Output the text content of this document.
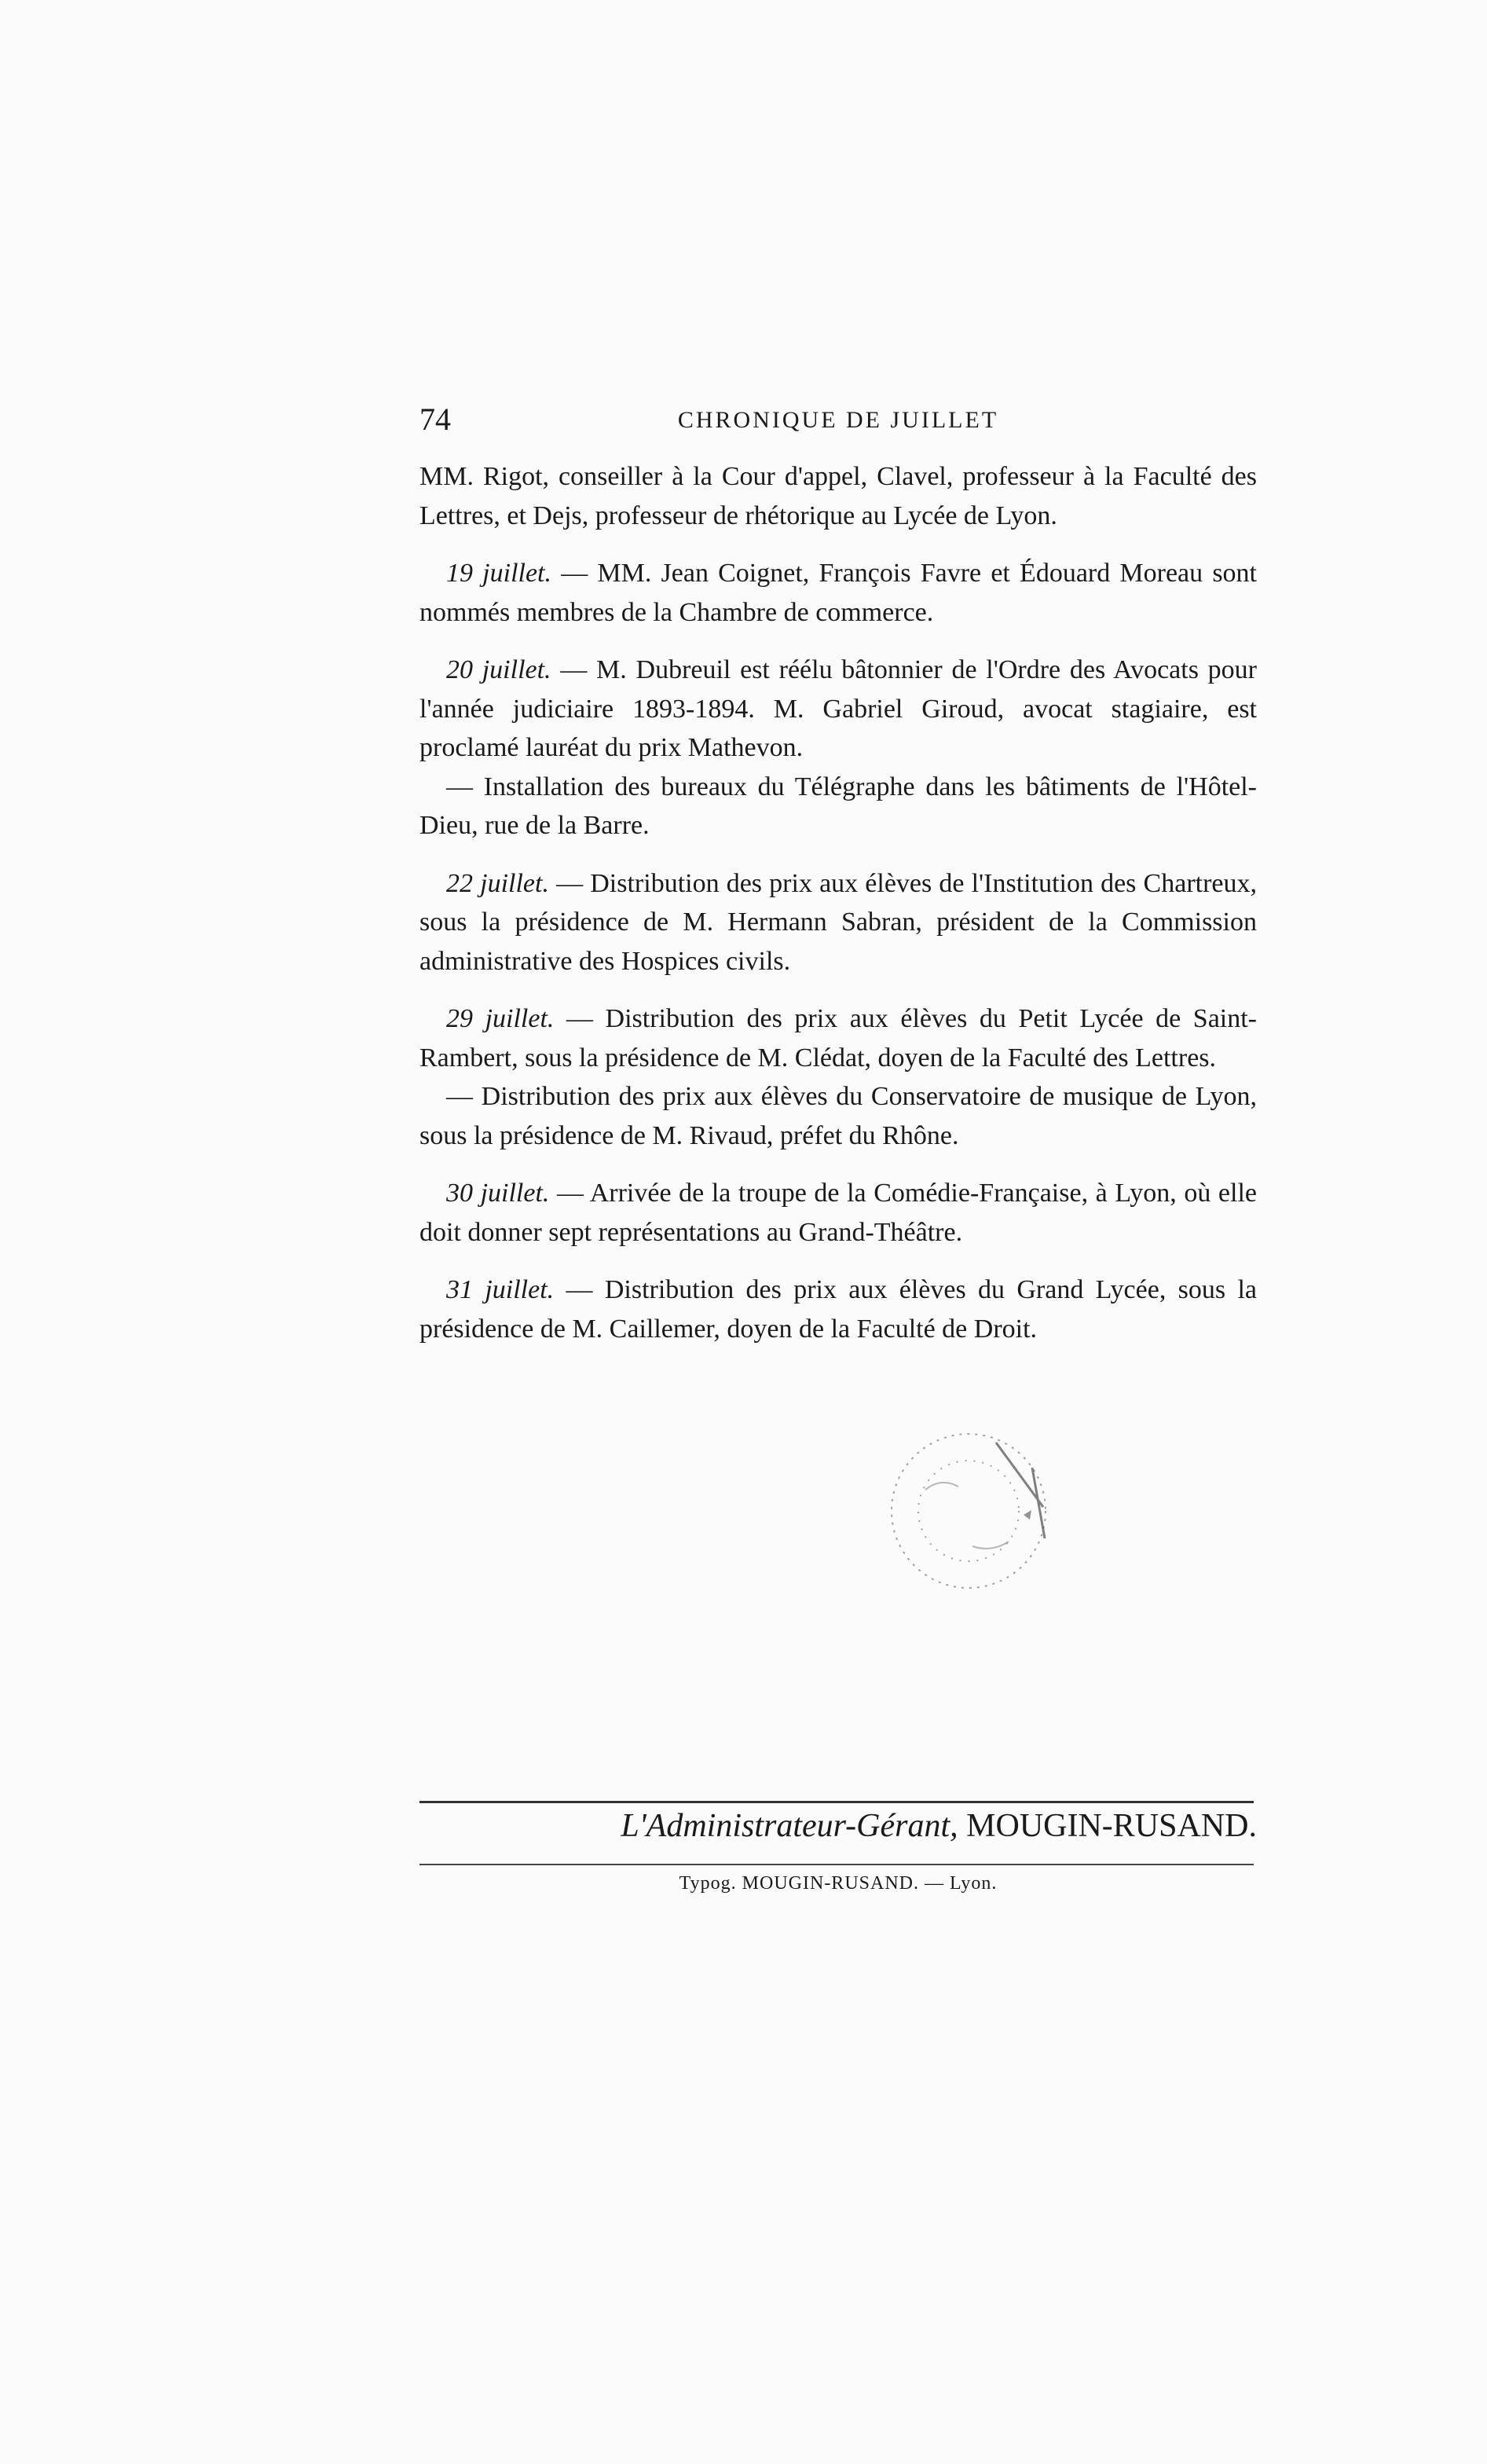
74	CHRONIQUE DE JUILLET

MM. Rigot, conseiller à la Cour d'appel, Clavel, professeur à la Faculté des Lettres, et Dejs, professeur de rhétorique au Lycée de Lyon.

19 juillet. — MM. Jean Coignet, François Favre et Édouard Moreau sont nommés membres de la Chambre de commerce.

20 juillet. — M. Dubreuil est réélu bâtonnier de l'Ordre des Avocats pour l'année judiciaire 1893-1894. M. Gabriel Giroud, avocat stagiaire, est proclamé lauréat du prix Mathevon.

— Installation des bureaux du Télégraphe dans les bâtiments de l'Hôtel-Dieu, rue de la Barre.

22 juillet. — Distribution des prix aux élèves de l'Institution des Chartreux, sous la présidence de M. Hermann Sabran, président de la Commission administrative des Hospices civils.

29 juillet. — Distribution des prix aux élèves du Petit Lycée de Saint-Rambert, sous la présidence de M. Clédat, doyen de la Faculté des Lettres.

— Distribution des prix aux élèves du Conservatoire de musique de Lyon, sous la présidence de M. Rivaud, préfet du Rhône.

30 juillet. — Arrivée de la troupe de la Comédie-Française, à Lyon, où elle doit donner sept représentations au Grand-Théâtre.

31 juillet. — Distribution des prix aux élèves du Grand Lycée, sous la présidence de M. Caillemer, doyen de la Faculté de Droit.

L'Administrateur-Gérant, MOUGIN-RUSAND.
Typog. MOUGIN-RUSAND. — Lyon.
